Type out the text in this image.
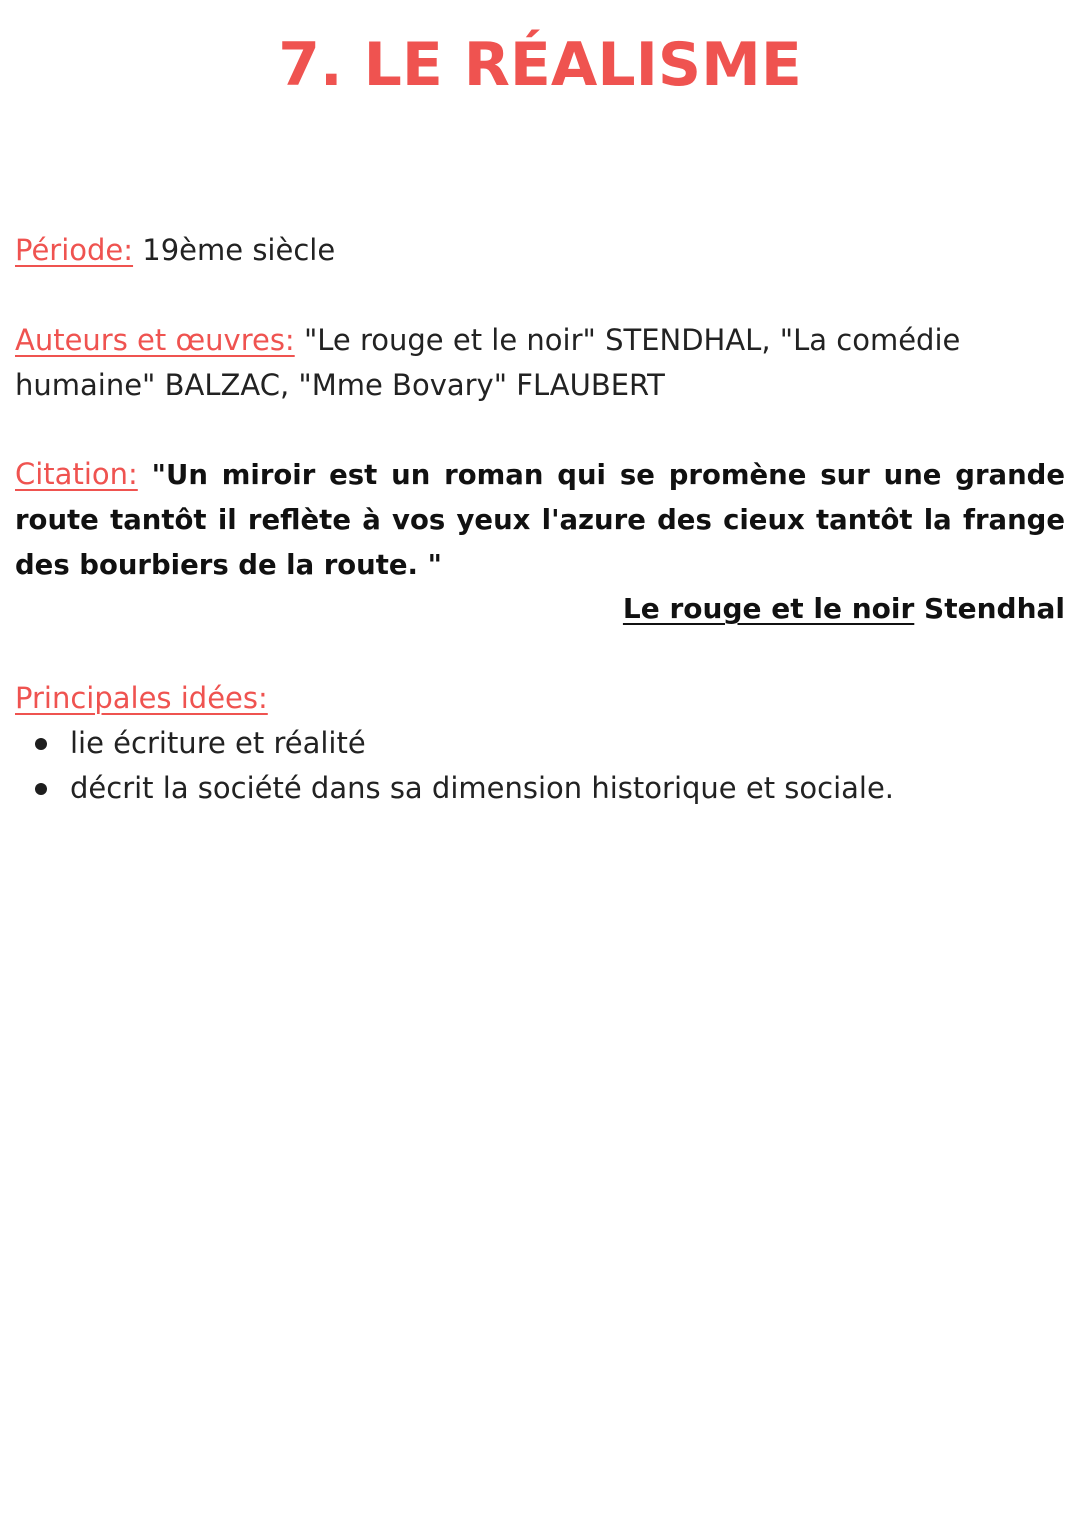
7. LE RÉALISME
Période: 19ème siècle
Auteurs et œuvres: "Le rouge et le noir" STENDHAL, "La comédie humaine" BALZAC, "Mme Bovary" FLAUBERT
Citation: "Un miroir est un roman qui se promène sur une grande route tantôt il reflète à vos yeux l'azure des cieux tantôt la frange des bourbiers de la route. "
Le rouge et le noir Stendhal
Principales idées:
lie écriture et réalité
décrit la société dans sa dimension historique et sociale.
